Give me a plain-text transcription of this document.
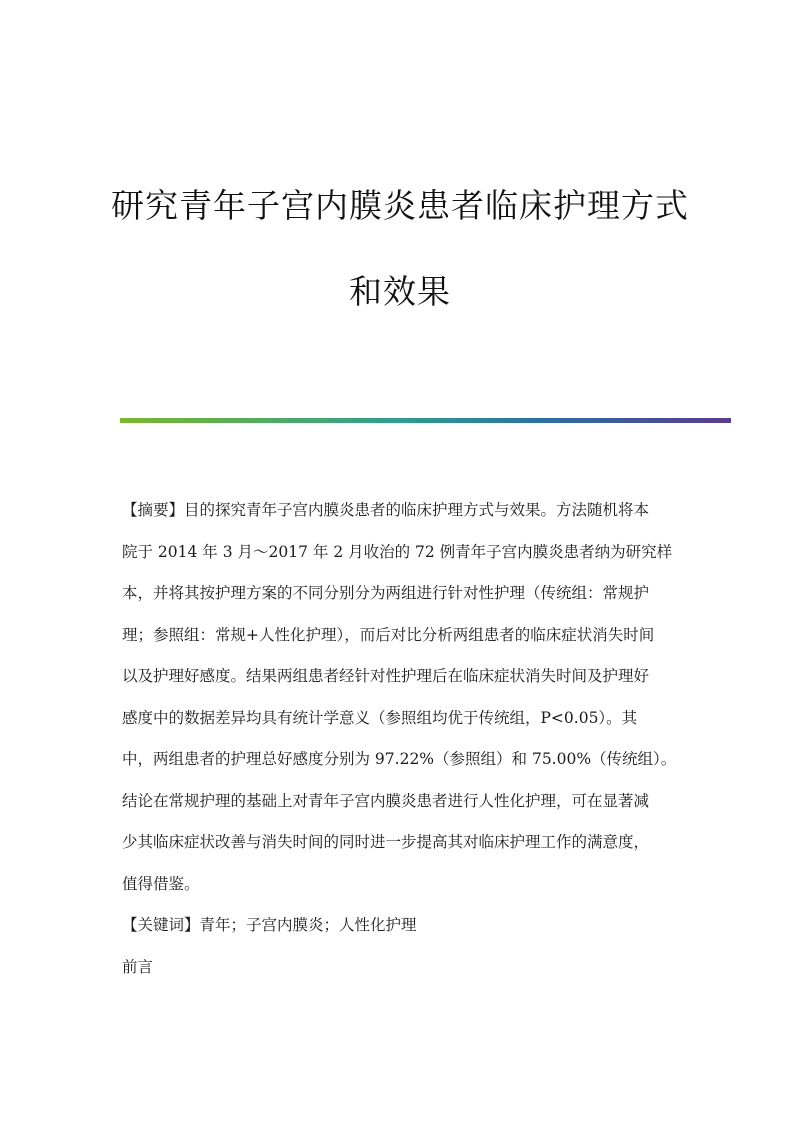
研究青年子宫内膜炎患者临床护理方式
和效果

【摘要】目的探究青年子宫内膜炎患者的临床护理方式与效果。方法随机将本
院于 2014 年 3 月～2017 年 2 月收治的 72 例青年子宫内膜炎患者纳为研究样
本，并将其按护理方案的不同分别分为两组进行针对性护理（传统组：常规护
理；参照组：常规+人性化护理），而后对比分析两组患者的临床症状消失时间
以及护理好感度。结果两组患者经针对性护理后在临床症状消失时间及护理好
感度中的数据差异均具有统计学意义（参照组均优于传统组，P<0.05）。其
中，两组患者的护理总好感度分别为 97.22%（参照组）和 75.00%（传统组）。
结论在常规护理的基础上对青年子宫内膜炎患者进行人性化护理，可在显著减
少其临床症状改善与消失时间的同时进一步提高其对临床护理工作的满意度，
值得借鉴。

【关键词】青年；子宫内膜炎；人性化护理

前言
